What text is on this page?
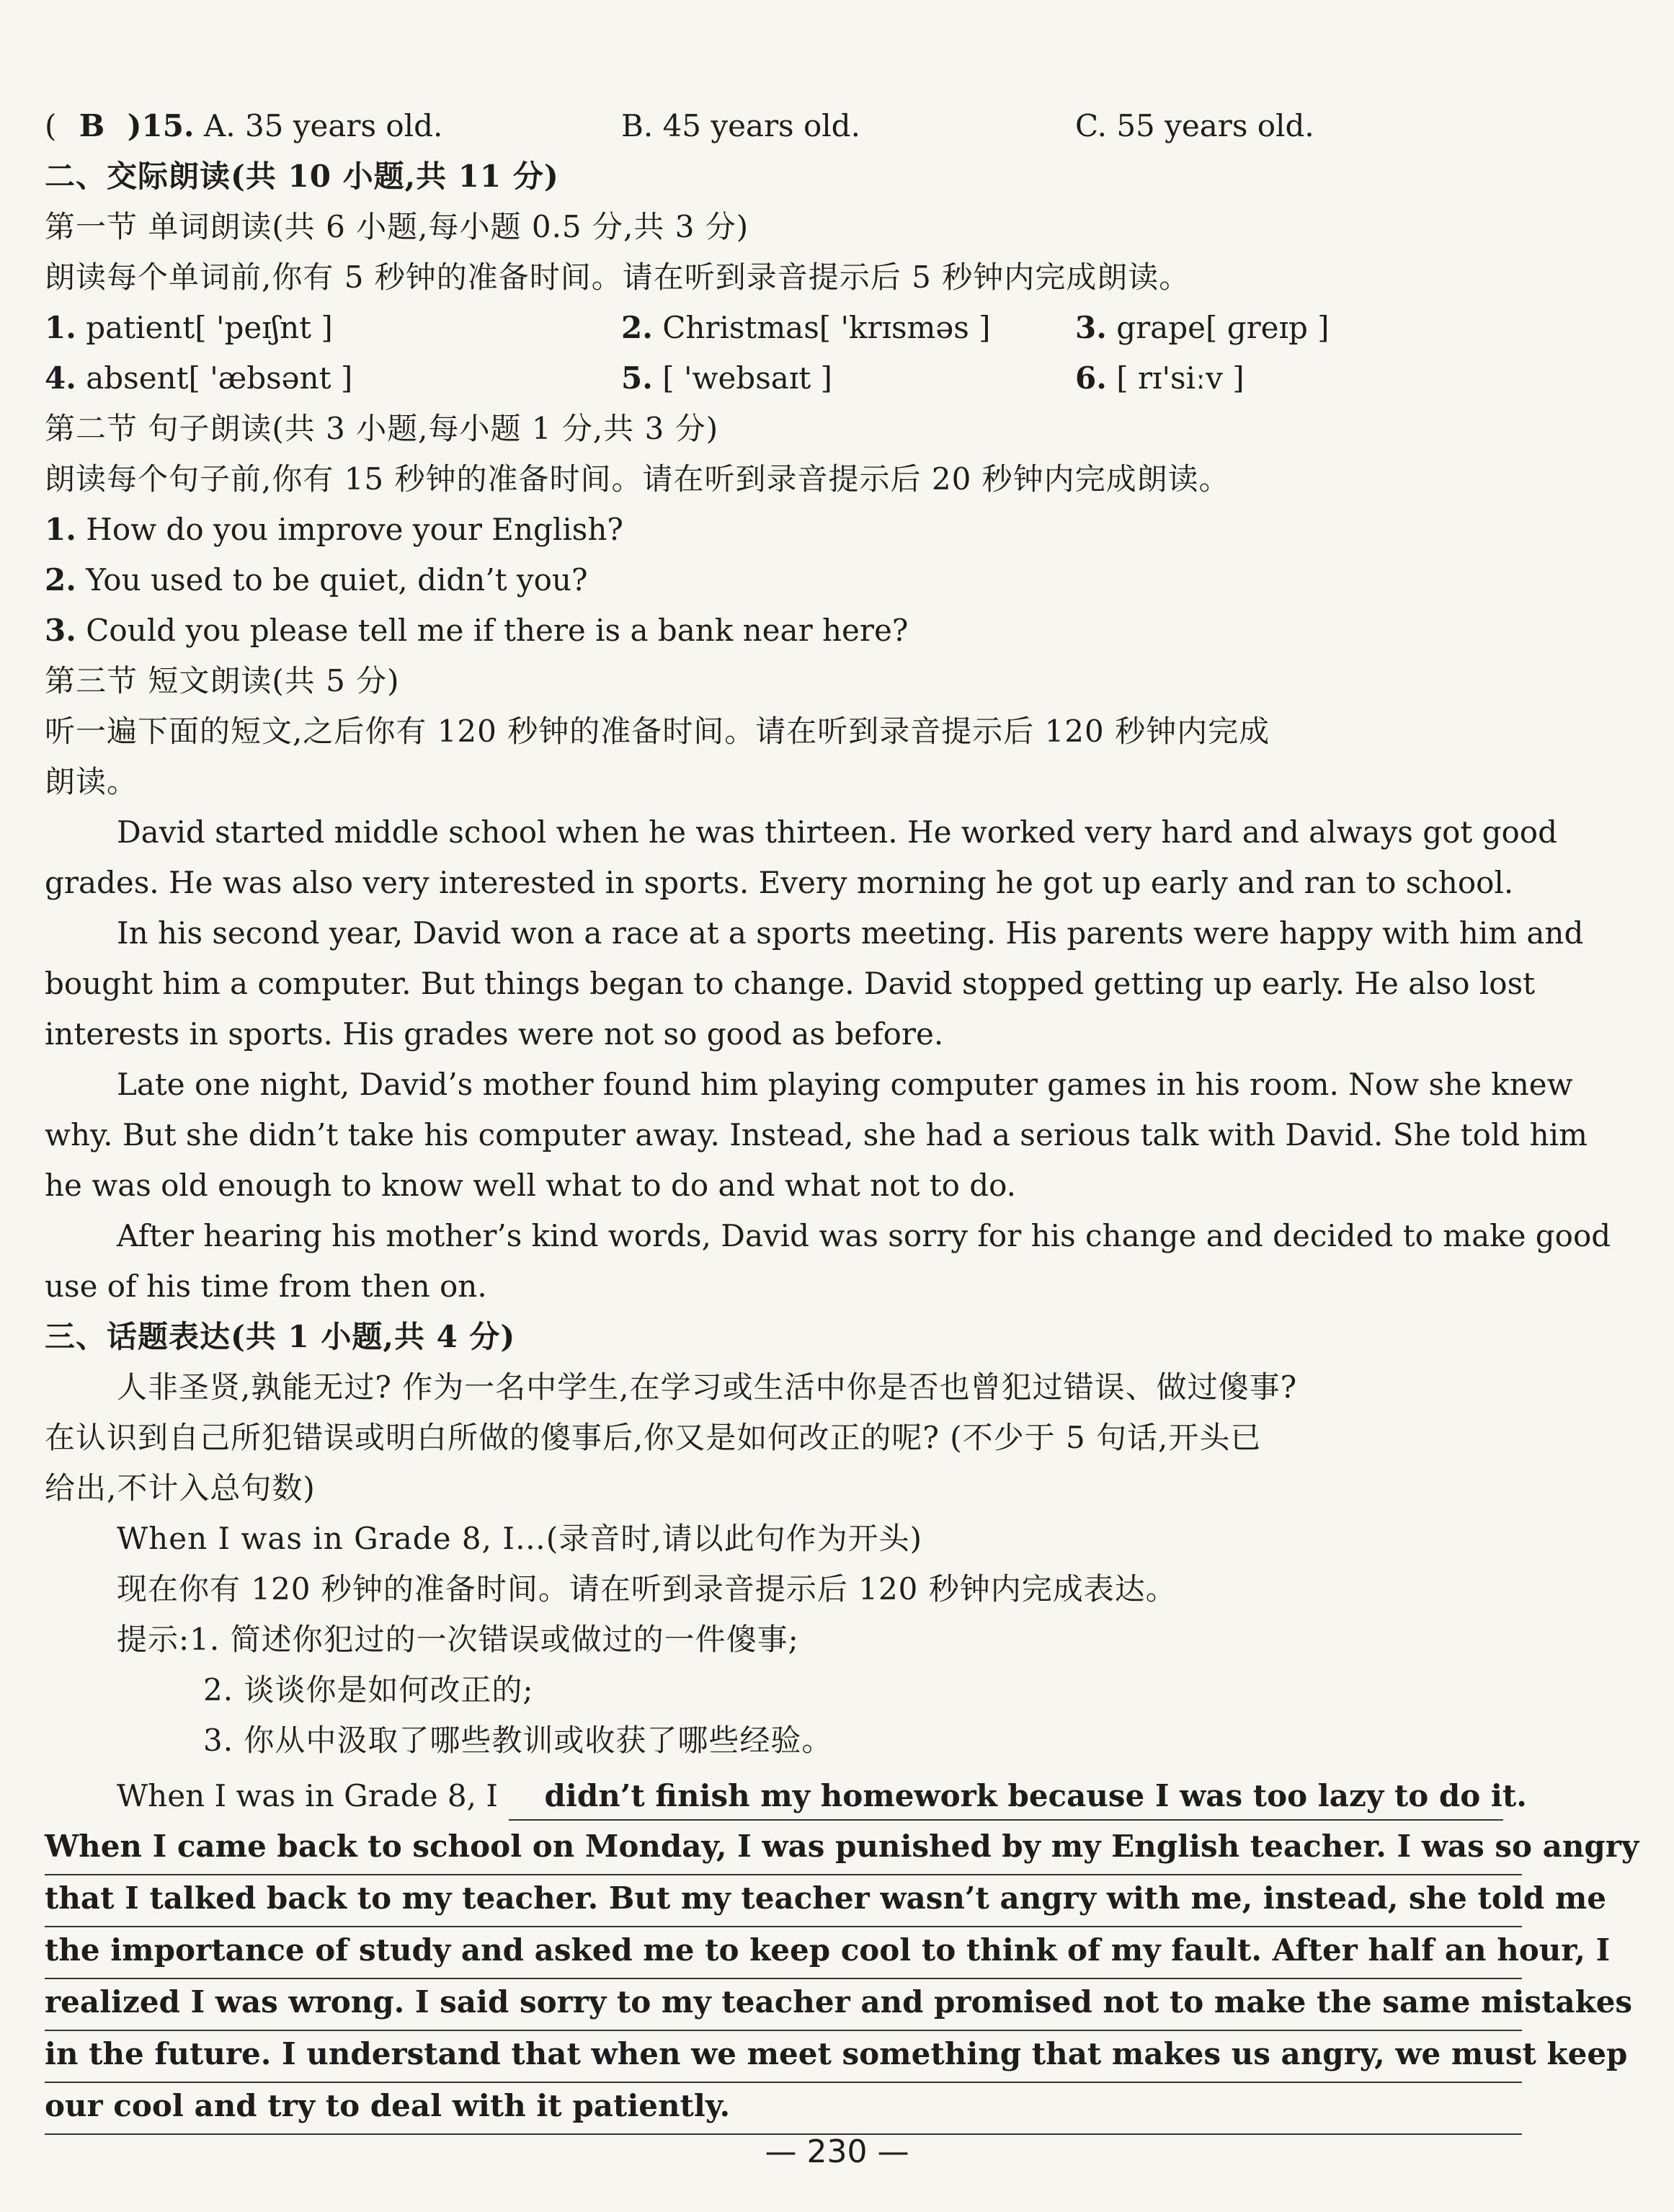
( B )15. A. 35 years old.	B. 45 years old.	C. 55 years old.
二、交际朗读(共 10 小题,共 11 分)
第一节 单词朗读(共 6 小题,每小题 0.5 分,共 3 分)
朗读每个单词前,你有 5 秒钟的准备时间。请在听到录音提示后 5 秒钟内完成朗读。
1. patient[ 'peɪʃnt ]	2. Christmas[ 'krɪsməs ]	3. grape[ ɡreɪp ]
4. absent[ 'æbsənt ]	5. [ 'websaɪt ]	6. [ rɪ'siːv ]
第二节 句子朗读(共 3 小题,每小题 1 分,共 3 分)
朗读每个句子前,你有 15 秒钟的准备时间。请在听到录音提示后 20 秒钟内完成朗读。
1. How do you improve your English?
2. You used to be quiet, didn’t you?
3. Could you please tell me if there is a bank near here?
第三节 短文朗读(共 5 分)
听一遍下面的短文,之后你有 120 秒钟的准备时间。请在听到录音提示后 120 秒钟内完成
朗读。
David started middle school when he was thirteen. He worked very hard and always got good
grades. He was also very interested in sports. Every morning he got up early and ran to school.
In his second year, David won a race at a sports meeting. His parents were happy with him and
bought him a computer. But things began to change. David stopped getting up early. He also lost
interests in sports. His grades were not so good as before.
Late one night, David’s mother found him playing computer games in his room. Now she knew
why. But she didn’t take his computer away. Instead, she had a serious talk with David. She told him
he was old enough to know well what to do and what not to do.
After hearing his mother’s kind words, David was sorry for his change and decided to make good
use of his time from then on.
三、话题表达(共 1 小题,共 4 分)
人非圣贤,孰能无过? 作为一名中学生,在学习或生活中你是否也曾犯过错误、做过傻事?
在认识到自己所犯错误或明白所做的傻事后,你又是如何改正的呢? (不少于 5 句话,开头已
给出,不计入总句数)
When I was in Grade 8, I…(录音时,请以此句作为开头)
现在你有 120 秒钟的准备时间。请在听到录音提示后 120 秒钟内完成表达。
提示:1. 简述你犯过的一次错误或做过的一件傻事;
2. 谈谈你是如何改正的;
3. 你从中汲取了哪些教训或收获了哪些经验。
When I was in Grade 8, I didn’t finish my homework because I was too lazy to do it.
When I came back to school on Monday, I was punished by my English teacher. I was so angry
that I talked back to my teacher. But my teacher wasn’t angry with me, instead, she told me
the importance of study and asked me to keep cool to think of my fault. After half an hour, I
realized I was wrong. I said sorry to my teacher and promised not to make the same mistakes
in the future. I understand that when we meet something that makes us angry, we must keep
our cool and try to deal with it patiently.
— 230 —
